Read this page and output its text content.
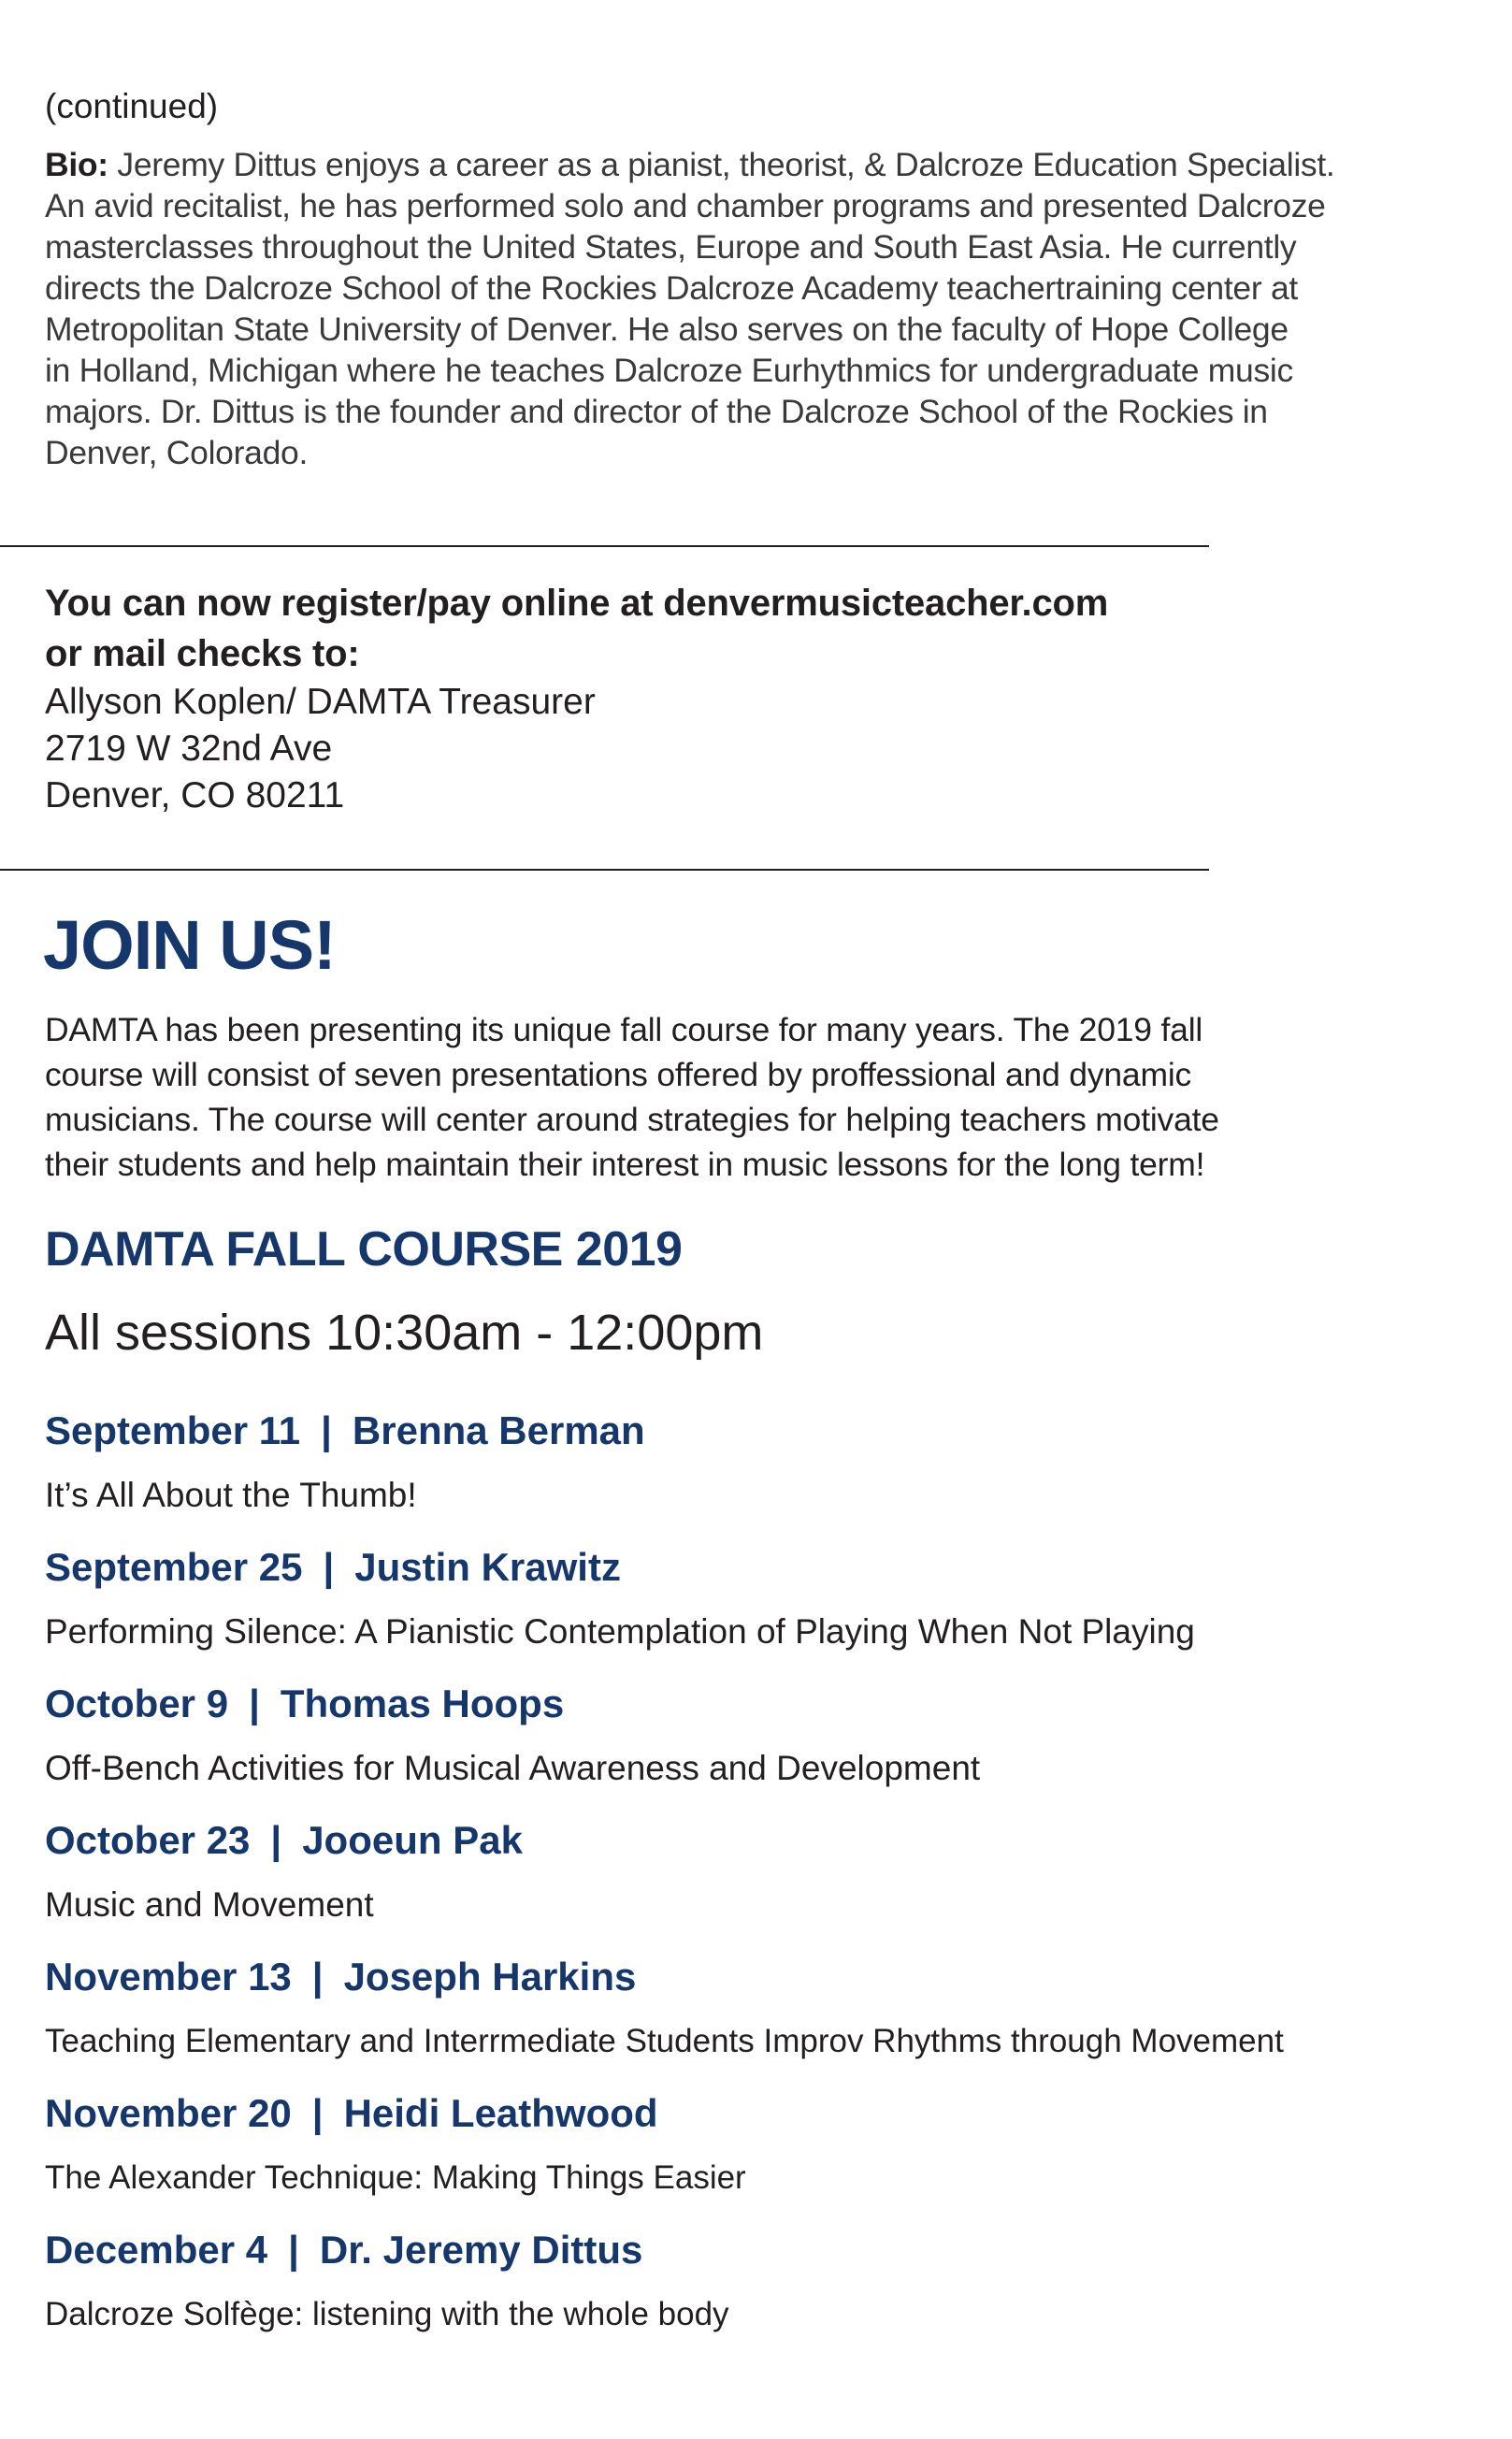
(continued)
Bio: Jeremy Dittus enjoys a career as a pianist, theorist, & Dalcroze Education Specialist.
An avid recitalist, he has performed solo and chamber programs and presented Dalcroze
masterclasses throughout the United States, Europe and South East Asia. He currently
directs the Dalcroze School of the Rockies Dalcroze Academy teachertraining center at
Metropolitan State University of Denver. He also serves on the faculty of Hope College
in Holland, Michigan where he teaches Dalcroze Eurhythmics for undergraduate music
majors. Dr. Dittus is the founder and director of the Dalcroze School of the Rockies in
Denver, Colorado.
You can now register/pay online at denvermusicteacher.com
or mail checks to:
Allyson Koplen/ DAMTA Treasurer
2719 W 32nd Ave
Denver, CO 80211
JOIN US!
DAMTA has been presenting its unique fall course for many years. The 2019 fall
course will consist of seven presentations offered by proffessional and dynamic
musicians. The course will center around strategies for helping teachers motivate
their students and help maintain their interest in music lessons for the long term!
DAMTA FALL COURSE 2019
All sessions 10:30am - 12:00pm
September 11 | Brenna Berman
It’s All About the Thumb!
September 25 | Justin Krawitz
Performing Silence: A Pianistic Contemplation of Playing When Not Playing
October 9 | Thomas Hoops
Off-Bench Activities for Musical Awareness and Development
October 23 | Jooeun Pak
Music and Movement
November 13 | Joseph Harkins
Teaching Elementary and Interrmediate Students Improv Rhythms through Movement
November 20 | Heidi Leathwood
The Alexander Technique: Making Things Easier
December 4 | Dr. Jeremy Dittus
Dalcroze Solfège: listening with the whole body
